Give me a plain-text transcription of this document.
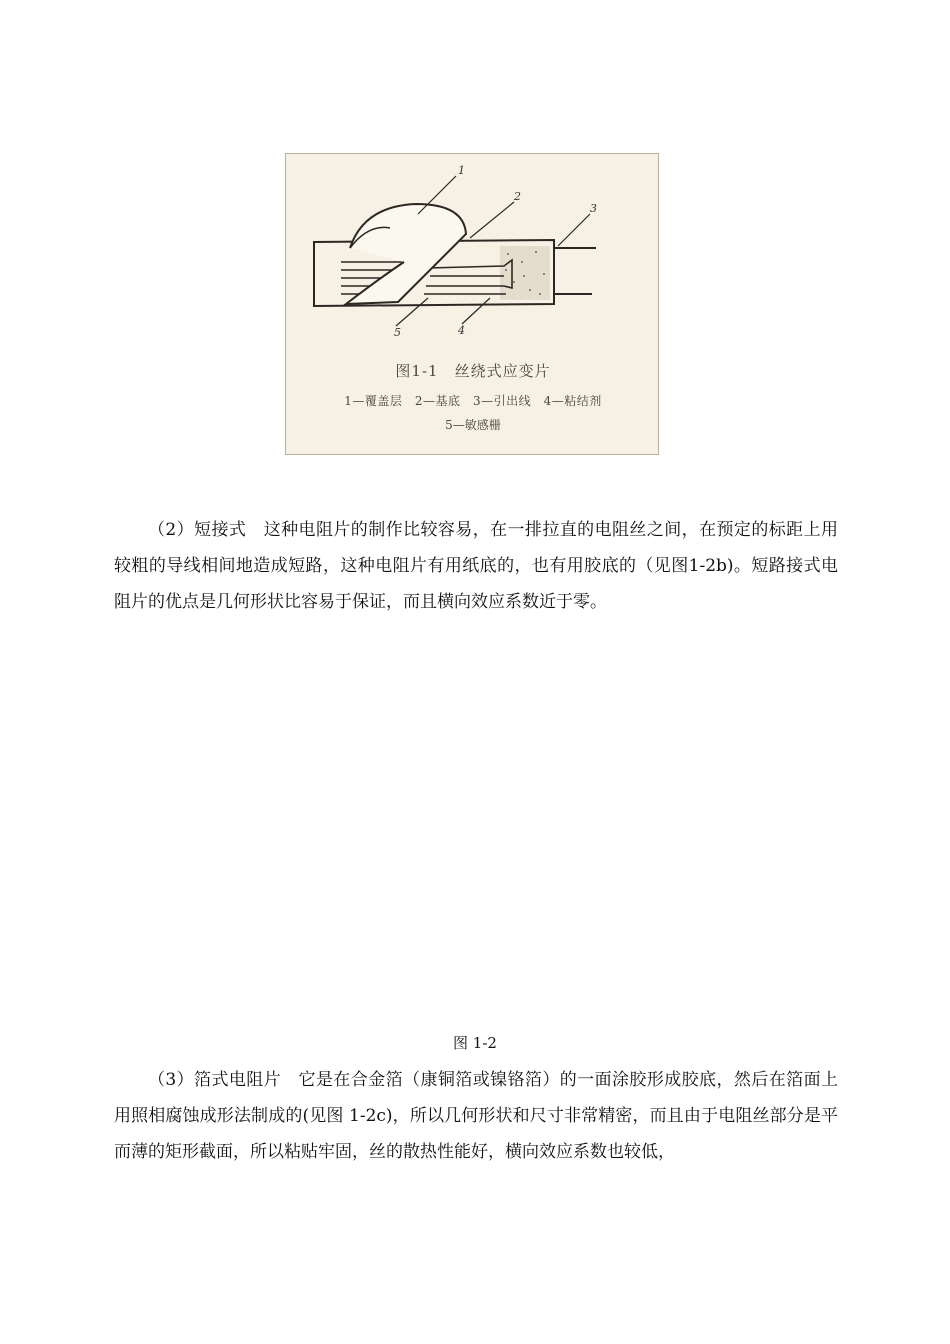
1
2
3
4
5
图1-1　丝绕式应变片
1—覆盖层　2—基底　3—引出线　4—粘结剂
5—敏感栅

（2）短接式　这种电阻片的制作比较容易，在一排拉直的电阻丝之间，在预定的标距上用较粗的导线相间地造成短路，这种电阻片有用纸底的，也有用胶底的（见图1-2b)。短路接式电阻片的优点是几何形状比容易于保证，而且横向效应系数近于零。

图 1-2

（3）箔式电阻片　它是在合金箔（康铜箔或镍铬箔）的一面涂胶形成胶底，然后在箔面上用照相腐蚀成形法制成的(见图 1-2c)，所以几何形状和尺寸非常精密，而且由于电阻丝部分是平而薄的矩形截面，所以粘贴牢固，丝的散热性能好，横向效应系数也较低，
